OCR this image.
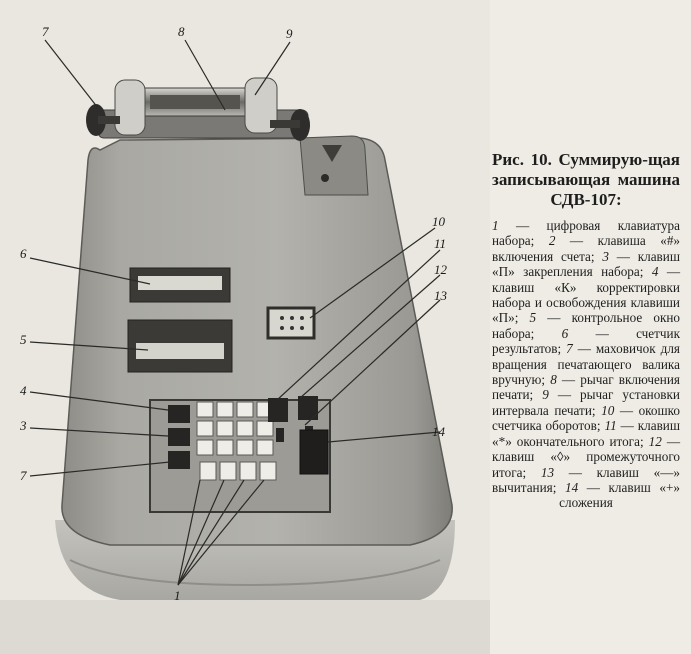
7	8	9
6
5
4
3
7
10
11
12
13
14
1

Рис. 10. Суммирую-щая записывающая машина СДВ-107:

1 — цифровая клавиатура набора; 2 — клавиша «#» включения счета; 3 — клавиш «П» закрепления набора; 4 — клавиш «К» корректировки набора и освобождения клавиши «П»; 5 — контрольное окно набора; 6 — счетчик результатов; 7 — маховичок для вращения печатающего валика вручную; 8 — рычаг включения печати; 9 — рычаг установки интервала печати; 10 — окошко счетчика оборотов; 11 — клавиш «*» окончательного итога; 12 — клавиш «◊» промежуточного итога; 13 — клавиш «—» вычитания; 14 — клавиш «+» сложения
